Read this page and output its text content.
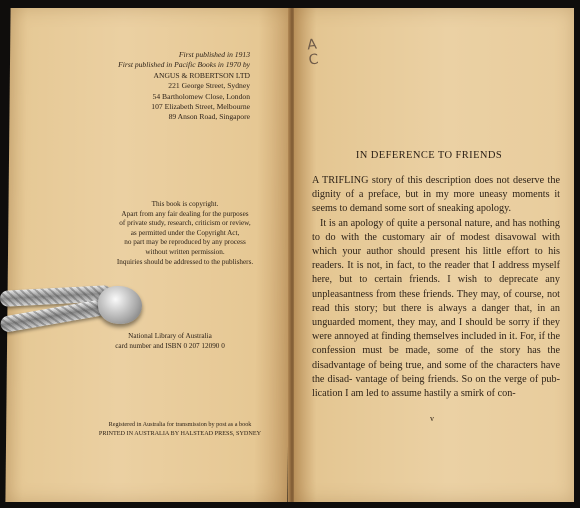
First published in 1913
First published in Pacific Books in 1970 by
ANGUS & ROBERTSON LTD
221 George Street, Sydney
54 Bartholomew Close, London
107 Elizabeth Street, Melbourne
89 Anson Road, Singapore
This book is copyright.
Apart from any fair dealing for the purposes
of private study, research, criticism or review,
as permitted under the Copyright Act,
no part may be reproduced by any process
without written permission.
Inquiries should be addressed to the publishers.
National Library of Australia
card number and ISBN 0 207 12090 0
Registered in Australia for transmission by post as a book
PRINTED IN AUSTRALIA BY HALSTEAD PRESS, SYDNEY
A
C
IN DEFERENCE TO FRIENDS

A TRIFLING story of this description does not deserve the dignity of a preface, but in my more uneasy moments it seems to demand some sort of sneaking apology.

It is an apology of quite a personal nature, and has nothing to do with the customary air of modest disavowal with which your author should present his little effort to his readers. It is not, in fact, to the reader that I address myself here, but to certain friends. I wish to deprecate any unpleasantness from these friends. They may, of course, not read this story; but there is always a danger that, in an unguarded moment, they may, and I should be sorry if they were annoyed at finding themselves included in it. For, if the confession must be made, some of the story has the disadvantage of being true, and some of the characters have the disad- vantage of being friends. So on the verge of pub- lication I am led to assume hastily a smirk of con-

v
